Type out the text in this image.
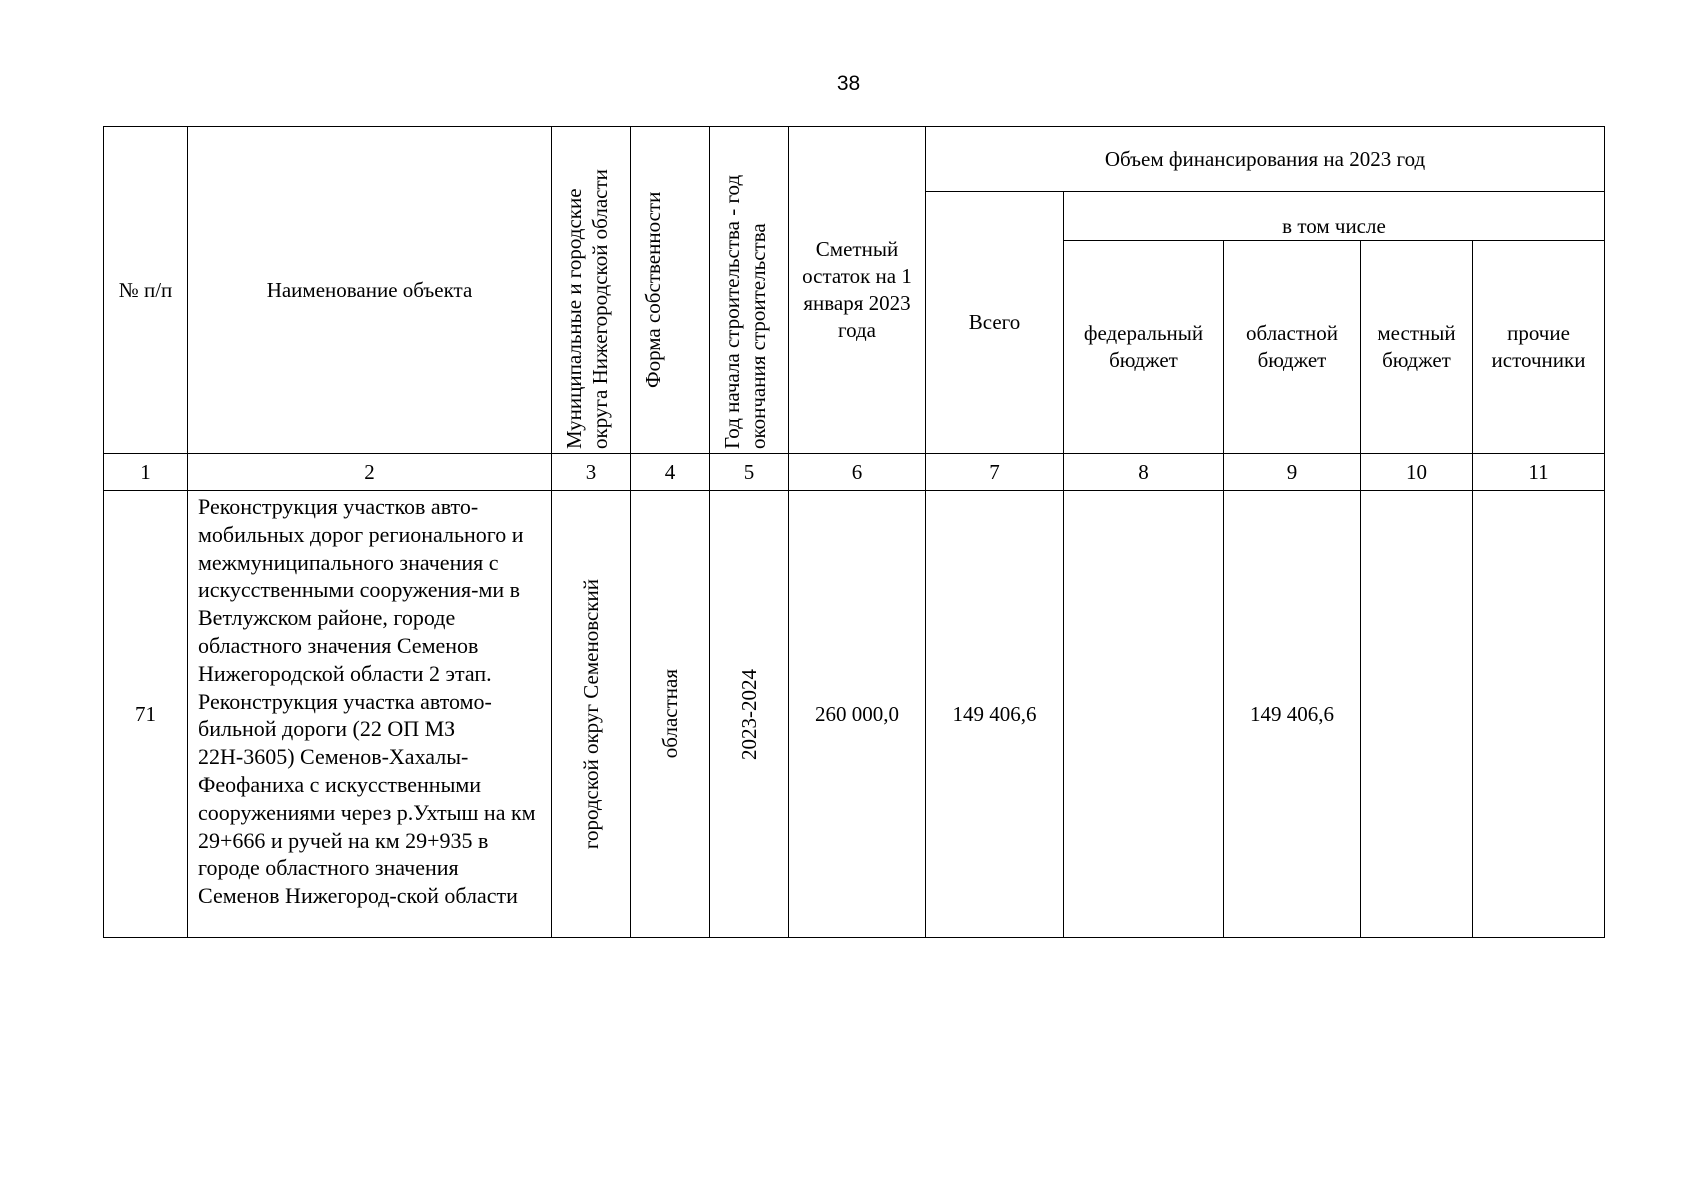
38
№ п/п	Наименование объекта	Муниципальные и городские округа Нижегородской области	Форма собственности	Год начала строительства - год окончания строительства	Сметный остаток на 1 января 2023 года	Объем финансирования на 2023 год				
						Всего	в том числе			
							федеральный бюджет	областной бюджет	местный бюджет	прочие источники

1	2	3	4	5	6	7	8	9	10	11
71	Реконструкция участков авто-мобильных дорог регионального и межмуниципального значения с искусственными сооружения-ми в Ветлужском районе, городе областного значения Семенов Нижегородской области 2 этап. Реконструкция участка автомо-бильной дороги (22 ОП МЗ 22Н-3605) Семенов-Хахалы-Феофаниха с искусственными сооружениями через р.Ухтыш на км 29+666 и ручей на км 29+935 в городе областного значения Семенов Нижегород-ской области	городской округ Семеновский	областная	2023-2024	260 000,0	149 406,6		149 406,6		
